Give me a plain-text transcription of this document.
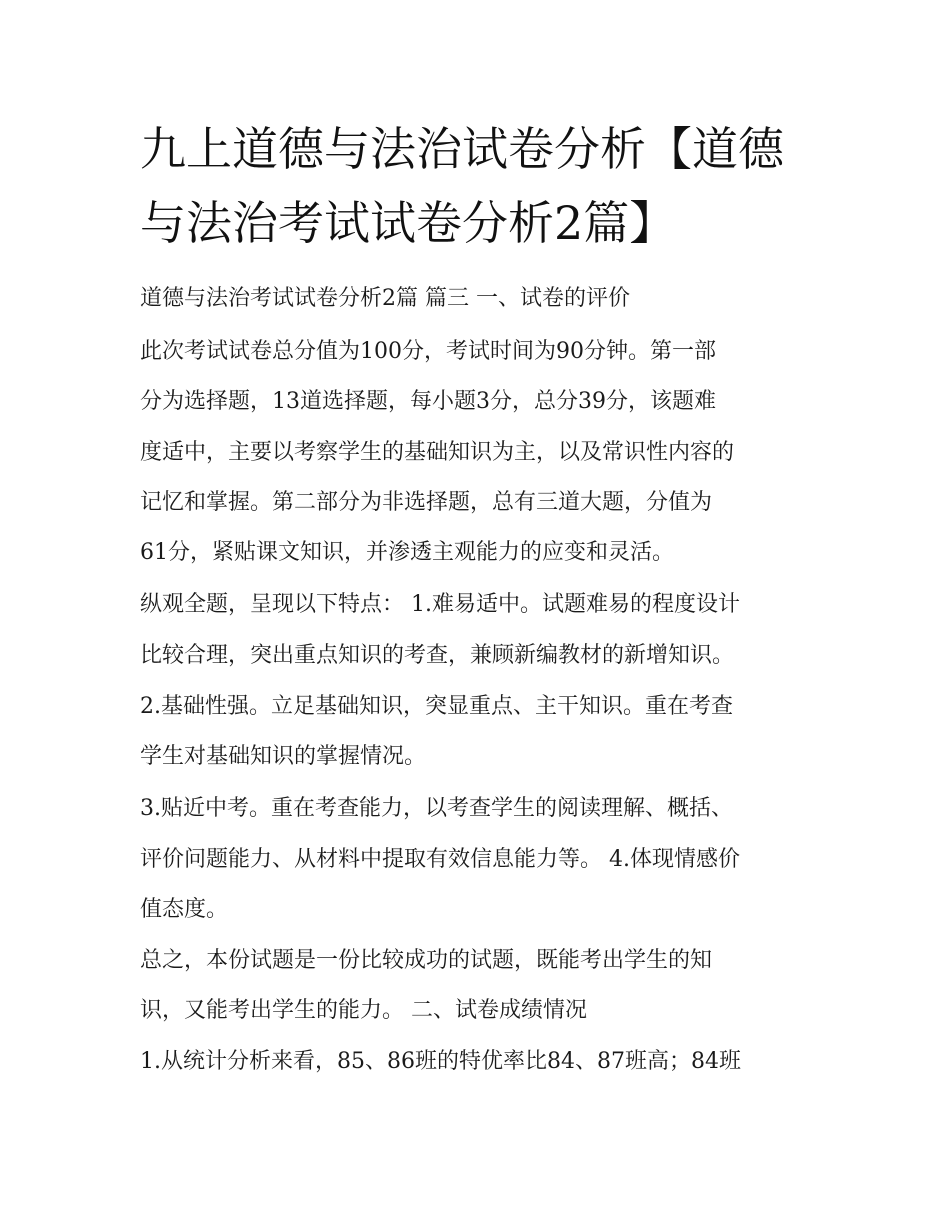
九上道德与法治试卷分析【道德与法治考试试卷分析2篇】

道德与法治考试试卷分析2篇 篇三 一、试卷的评价

此次考试试卷总分值为100分，考试时间为90分钟。第一部

分为选择题，13道选择题，每小题3分，总分39分，该题难

度适中，主要以考察学生的基础知识为主，以及常识性内容的

记忆和掌握。第二部分为非选择题，总有三道大题，分值为

61分，紧贴课文知识，并渗透主观能力的应变和灵活。

纵观全题，呈现以下特点： 1.难易适中。试题难易的程度设计

比较合理，突出重点知识的考查，兼顾新编教材的新增知识。

2.基础性强。立足基础知识，突显重点、主干知识。重在考查

学生对基础知识的掌握情况。

3.贴近中考。重在考查能力，以考查学生的阅读理解、概括、

评价问题能力、从材料中提取有效信息能力等。 4.体现情感价

值态度。

总之，本份试题是一份比较成功的试题，既能考出学生的知

识，又能考出学生的能力。 二、试卷成绩情况

1.从统计分析来看，85、86班的特优率比84、87班高；84班
